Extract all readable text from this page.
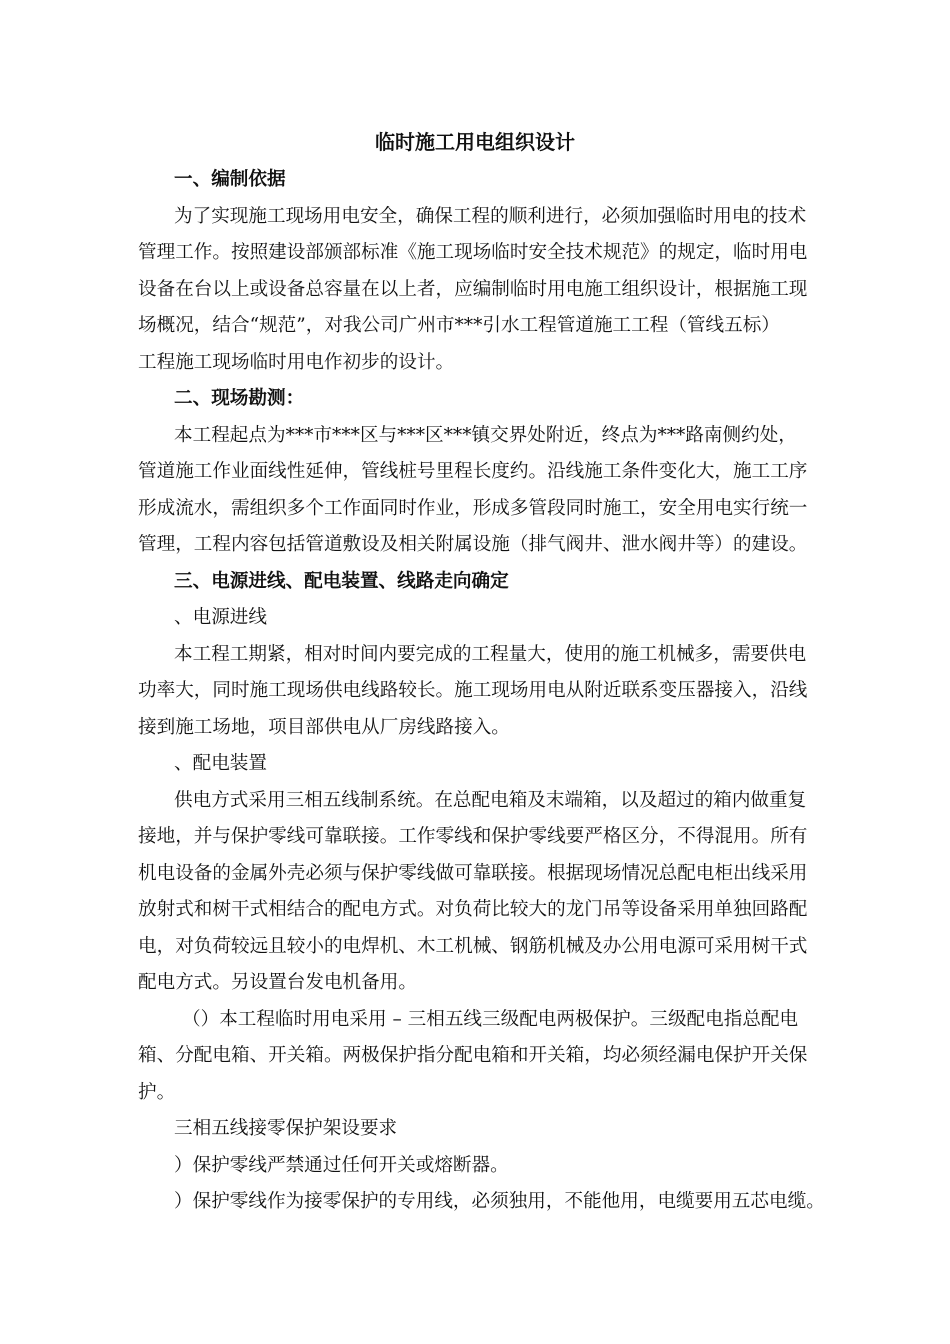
临时施工用电组织设计
一、编制依据
为了实现施工现场用电安全，确保工程的顺利进行，必须加强临时用电的技术
管理工作。按照建设部颁部标准《施工现场临时安全技术规范》的规定，临时用电
设备在台以上或设备总容量在以上者，应编制临时用电施工组织设计，根据施工现
场概况，结合“规范”，对我公司广州市***引水工程管道施工工程（管线五标）
工程施工现场临时用电作初步的设计。
二、现场勘测：
本工程起点为***市***区与***区***镇交界处附近，终点为***路南侧约处，
管道施工作业面线性延伸，管线桩号里程长度约。沿线施工条件变化大，施工工序
形成流水，需组织多个工作面同时作业，形成多管段同时施工，安全用电实行统一
管理，工程内容包括管道敷设及相关附属设施（排气阀井、泄水阀井等）的建设。
三、电源进线、配电装置、线路走向确定
、电源进线
本工程工期紧，相对时间内要完成的工程量大，使用的施工机械多，需要供电
功率大，同时施工现场供电线路较长。施工现场用电从附近联系变压器接入，沿线
接到施工场地，项目部供电从厂房线路接入。
、配电装置
供电方式采用三相五线制系统。在总配电箱及末端箱，以及超过的箱内做重复
接地，并与保护零线可靠联接。工作零线和保护零线要严格区分，不得混用。所有
机电设备的金属外壳必须与保护零线做可靠联接。根据现场情况总配电柜出线采用
放射式和树干式相结合的配电方式。对负荷比较大的龙门吊等设备采用单独回路配
电，对负荷较远且较小的电焊机、木工机械、钢筋机械及办公用电源可采用树干式
配电方式。另设置台发电机备用。
（）本工程临时用电采用 – 三相五线三级配电两极保护。三级配电指总配电
箱、分配电箱、开关箱。两极保护指分配电箱和开关箱，均必须经漏电保护开关保
护。
三相五线接零保护架设要求
）保护零线严禁通过任何开关或熔断器。
）保护零线作为接零保护的专用线，必须独用，不能他用，电缆要用五芯电缆。
